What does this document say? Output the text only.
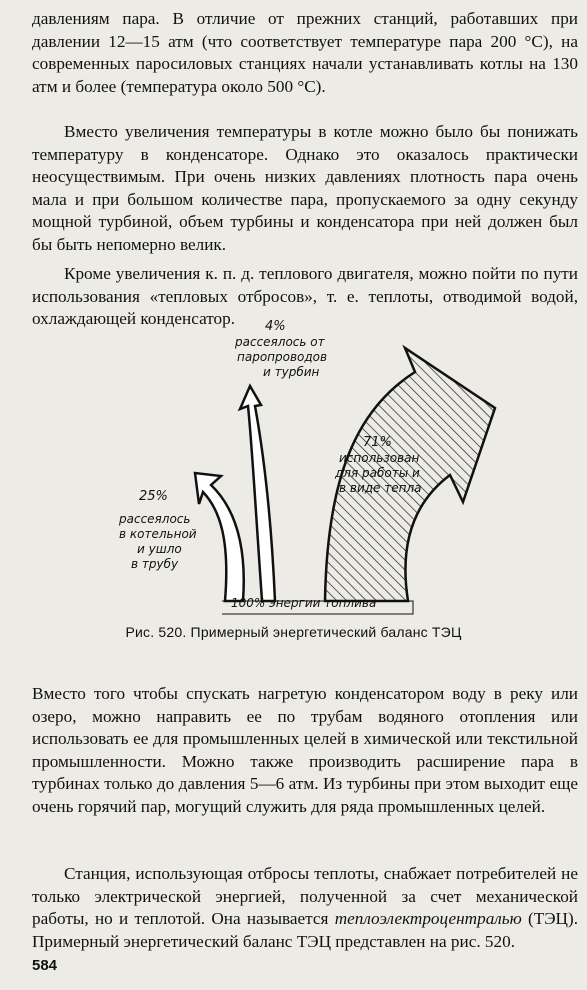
давлениям пара. В отличие от прежних станций, работавших при давлении 12—15 атм (что соответствует температуре пара 200 °С), на современных паросиловых станциях начали устанавливать котлы на 130 атм и более (температура около 500 °С).

Вместо увеличения температуры в котле можно было бы понижать температуру в конденсаторе. Однако это оказалось практически неосуществимым. При очень низких давлениях плотность пара очень мала и при большом количестве пара, пропускаемого за одну секунду мощной турбиной, объем турбины и конденсатора при ней должен был бы быть непомерно велик.

Кроме увеличения к. п. д. теплового двигателя, можно пойти по пути использования «тепловых отбросов», т. е. теплоты, отводимой водой, охлаждающей конденсатор.	4%
рассеялось от
паропроводов
и турбин
71%
использован
для работы и
в виде тепла
25%
рассеялось
в котельной
и ушло
в трубу
100% энергии топлива
Рис. 520. Примерный энергетический баланс ТЭЦ

Вместо того чтобы спускать нагретую конденсатором воду в реку или озеро, можно направить ее по трубам водяного отопления или использовать ее для промышленных целей в химической или текстильной промышленности. Можно также производить расширение пара в турбинах только до давления 5—6 атм. Из турбины при этом выходит еще очень горячий пар, могущий служить для ряда промышленных целей.

Станция, использующая отбросы теплоты, снабжает потребителей не только электрической энергией, полученной за счет механической работы, но и теплотой. Она называется теплоэлектроцентралью (ТЭЦ). Примерный энергетический баланс ТЭЦ представлен на рис. 520.

584
